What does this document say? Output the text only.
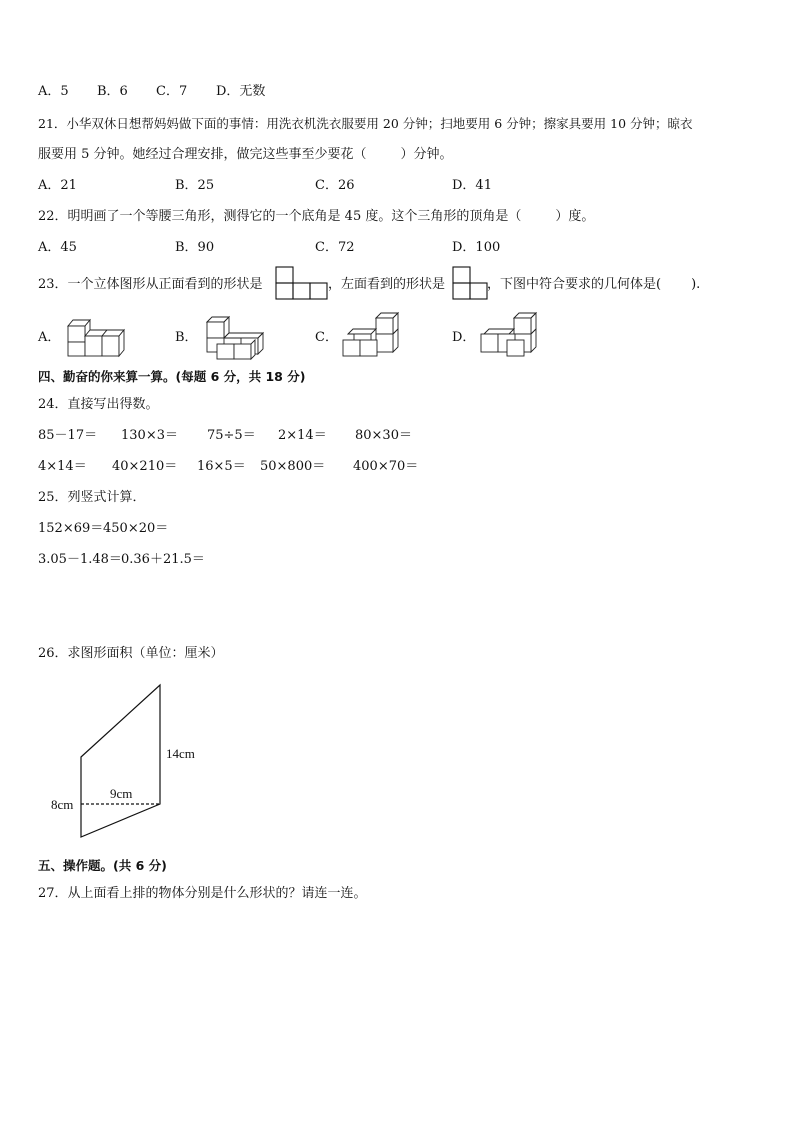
A．5 B．6 C．7 D．无数
21．小华双休日想帮妈妈做下面的事情：用洗衣机洗衣服要用 20 分钟；扫地要用 6 分钟；擦家具要用 10 分钟；晾衣
服要用 5 分钟。她经过合理安排，做完这些事至少要花（	）分钟。
A．21	B．25	C．26	D．41
22．明明画了一个等腰三角形，测得它的一个底角是 45 度。这个三角形的顶角是（	）度。
A．45	B．90	C．72	D．100
23．一个立体图形从正面看到的形状是	，左面看到的形状是	，下图中符合要求的几何体是( ).
A．	B．	C．	D．
四、勤奋的你来算一算。(每题 6 分，共 18 分)
24．直接写出得数。
85－17＝ 130×3＝ 75÷5＝ 2×14＝ 80×30＝
4×14＝ 40×210＝ 16×5＝ 50×800＝ 400×70＝
25．列竖式计算．
152×69＝ 450×20＝
3.05－1.48＝ 0.36＋21.5＝
26．求图形面积（单位：厘米）
14cm
9cm
8cm
五、操作题。(共 6 分)
27．从上面看上排的物体分别是什么形状的？请连一连。
